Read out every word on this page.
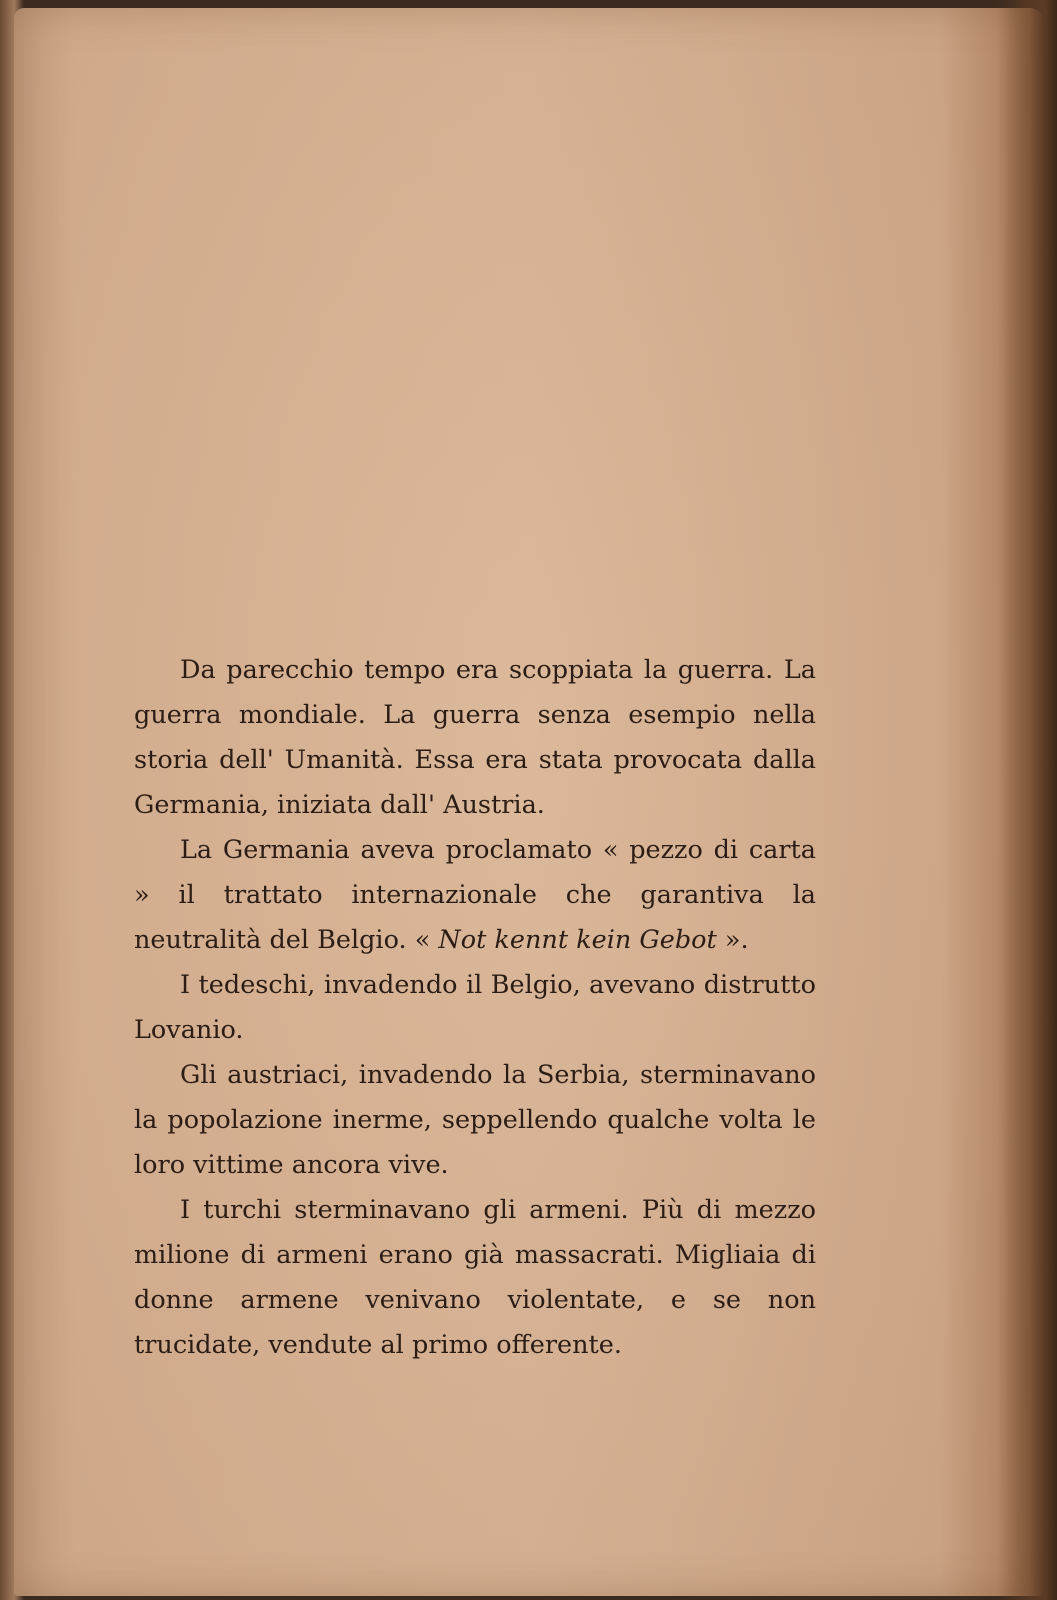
Da parecchio tempo era scoppiata la guerra. La guerra mondiale. La guerra senza esempio nella storia dell' Umanità. Essa era stata provocata dalla Germania, iniziata dall' Austria.

La Germania aveva proclamato « pezzo di carta » il trattato internazionale che garantiva la neutralità del Belgio. « Not kennt kein Gebot ».

I tedeschi, invadendo il Belgio, avevano distrutto Lovanio.

Gli austriaci, invadendo la Serbia, sterminavano la popolazione inerme, seppellendo qualche volta le loro vittime ancora vive.

I turchi sterminavano gli armeni. Più di mezzo milione di armeni erano già massacrati. Migliaia di donne armene venivano violentate, e se non trucidate, vendute al primo offerente.
